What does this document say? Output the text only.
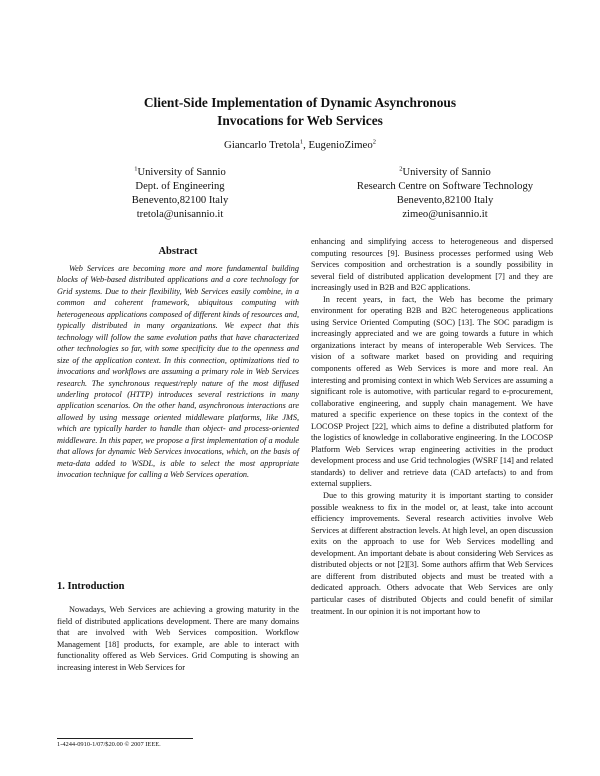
Client-Side Implementation of Dynamic Asynchronous
Invocations for Web Services
Giancarlo Tretola$^1$, EugenioZimeo$^2$
$^1$University of Sannio
Dept. of Engineering
Benevento,82100 Italy
tretola@unisannio.it
$^2$University of Sannio
Research Centre on Software Technology
Benevento,82100 Italy
zimeo@unisannio.it
Abstract

Web Services are becoming more and more fundamental building blocks of Web-based distributed applications and a core technology for Grid systems. Due to their flexibility, Web Services easily combine, in a common and coherent framework, ubiquitous computing with heterogeneous applications composed of different kinds of resources and, typically distributed in many organizations. We expect that this technology will follow the same evolution paths that have characterized other technologies so far, with some specificity due to the openness and size of the application context. In this connection, optimizations tied to invocations and workflows are assuming a primary role in Web Services research. The synchronous request/reply nature of the most diffused underling protocol (HTTP) introduces several restrictions in many application scenarios. On the other hand, asynchronous interactions are allowed by using message oriented middleware platforms, like JMS, which are typically harder to handle than object- and process-oriented middleware. In this paper, we propose a first implementation of a module that allows for dynamic Web Services invocations, which, on the basis of meta-data added to WSDL, is able to select the most appropriate invocation technique for calling a Web Services operation.

1. Introduction

Nowadays, Web Services are achieving a growing maturity in the field of distributed applications development. There are many domains that are involved with Web Services composition. Workflow Management [18] products, for example, are able to interact with functionality offered as Web Services. Grid Computing is showing an increasing interest in Web Services for

enhancing and simplifying access to heterogeneous and dispersed computing resources [9]. Business processes performed using Web Services composition and orchestration is a soundly possibility in several field of distributed application development [7] and they are increasingly used in B2B and B2C applications.

In recent years, in fact, the Web has become the primary environment for operating B2B and B2C heterogeneous applications using Service Oriented Computing (SOC) [13]. The SOC paradigm is increasingly appreciated and we are going towards a future in which organizations interact by means of interoperable Web Services. The vision of a software market based on providing and requiring components offered as Web Services is more and more real. An interesting and promising context in which Web Services are assuming a significant role is automotive, with particular regard to e-procurement, collaborative engineering, and supply chain management. We have matured a specific experience on these topics in the context of the LOCOSP Project [22], which aims to define a distributed platform for the logistics of knowledge in collaborative engineering. In the LOCOSP Platform Web Services wrap engineering activities in the product development process and use Grid technologies (WSRF [14] and related standards) to deliver and retrieve data (CAD artefacts) to and from external suppliers.

Due to this growing maturity it is important starting to consider possible weakness to fix in the model or, at least, take into account efficiency improvements. Several research activities involve Web Services at different abstraction levels. At high level, an open discussion exits on the approach to use for Web Services modelling and development. An important debate is about considering Web Services as distributed objects or not [2][3]. Some authors affirm that Web Services are different from distributed objects and must be treated with a dedicated approach. Others advocate that Web Services are only particular cases of distributed Objects and could benefit of similar treatment. In our opinion it is not important how to

1-4244-0910-1/07/$20.00 © 2007 IEEE.
